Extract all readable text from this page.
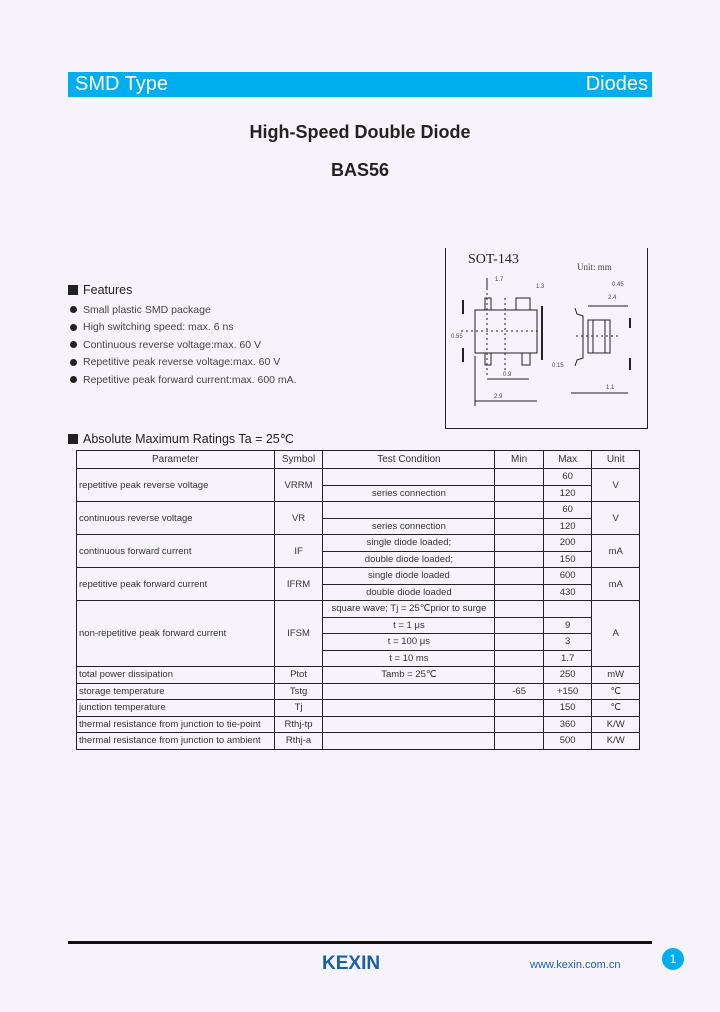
SMD Type	Diodes
High-Speed Double Diode
BAS56
Features
Small plastic SMD package
High switching speed: max. 6 ns
Continuous reverse voltage:max. 60 V
Repetitive peak reverse voltage:max. 60 V
Repetitive peak forward current:max. 600 mA.
SOT-143	Unit: mm
1.7
0.9
2.9
1.3
0.15
0.45
2.4
1.1
0.55
Absolute Maximum Ratings Ta = 25℃
Parameter	Symbol	Test Condition	Min	Max	Unit
repetitive peak reverse voltage	VRRM			60	V
		series connection		120	
continuous reverse voltage	VR			60	V
		series connection		120	
continuous forward current	IF	single diode loaded;		200	mA
		double diode loaded;		150	
repetitive peak forward current	IFRM	single diode loaded		600	mA
		double diode loaded		430	
non-repetitive peak forward current	IFSM	square wave; Tj = 25℃prior to surge			A
		t = 1 μs		9	
		t = 100 μs		3	
		t = 10 ms		1.7	
total power dissipation	Ptot	Tamb = 25℃		250	mW
storage temperature	Tstg		-65	+150	℃
junction temperature	Tj			150	℃
thermal resistance from junction to tie-point	Rthj-tp			360	K/W
thermal resistance from junction to ambient	Rthj-a			500	K/W
KEXIN	www.kexin.com.cn	1
